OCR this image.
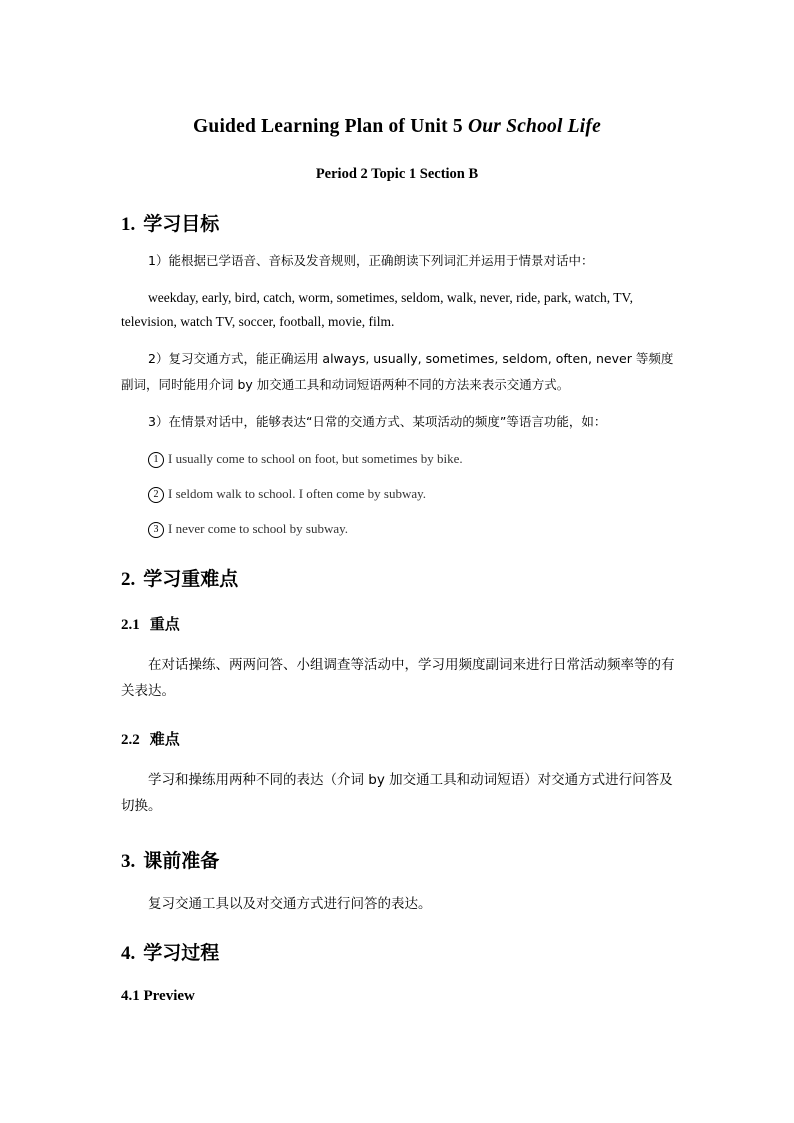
Guided Learning Plan of Unit 5 Our School Life
Period 2 Topic 1 Section B
1. 学习目标
1）能根据已学语音、音标及发音规则，正确朗读下列词汇并运用于情景对话中：
weekday, early, bird, catch, worm, sometimes, seldom, walk, never, ride, park, watch, TV, television, watch TV, soccer, football, movie, film.
2）复习交通方式，能正确运用 always, usually, sometimes, seldom, often, never 等频度副词，同时能用介词 by 加交通工具和动词短语两种不同的方法来表示交通方式。
3）在情景对话中，能够表达“日常的交通方式、某项活动的频度”等语言功能，如：
1 I usually come to school on foot, but sometimes by bike.
2 I seldom walk to school. I often come by subway.
3 I never come to school by subway.
2. 学习重难点
2.1 重点
在对话操练、两两问答、小组调查等活动中，学习用频度副词来进行日常活动频率等的有关表达。
2.2 难点
学习和操练用两种不同的表达（介词 by 加交通工具和动词短语）对交通方式进行问答及切换。
3. 课前准备
复习交通工具以及对交通方式进行问答的表达。
4. 学习过程
4.1 Preview
